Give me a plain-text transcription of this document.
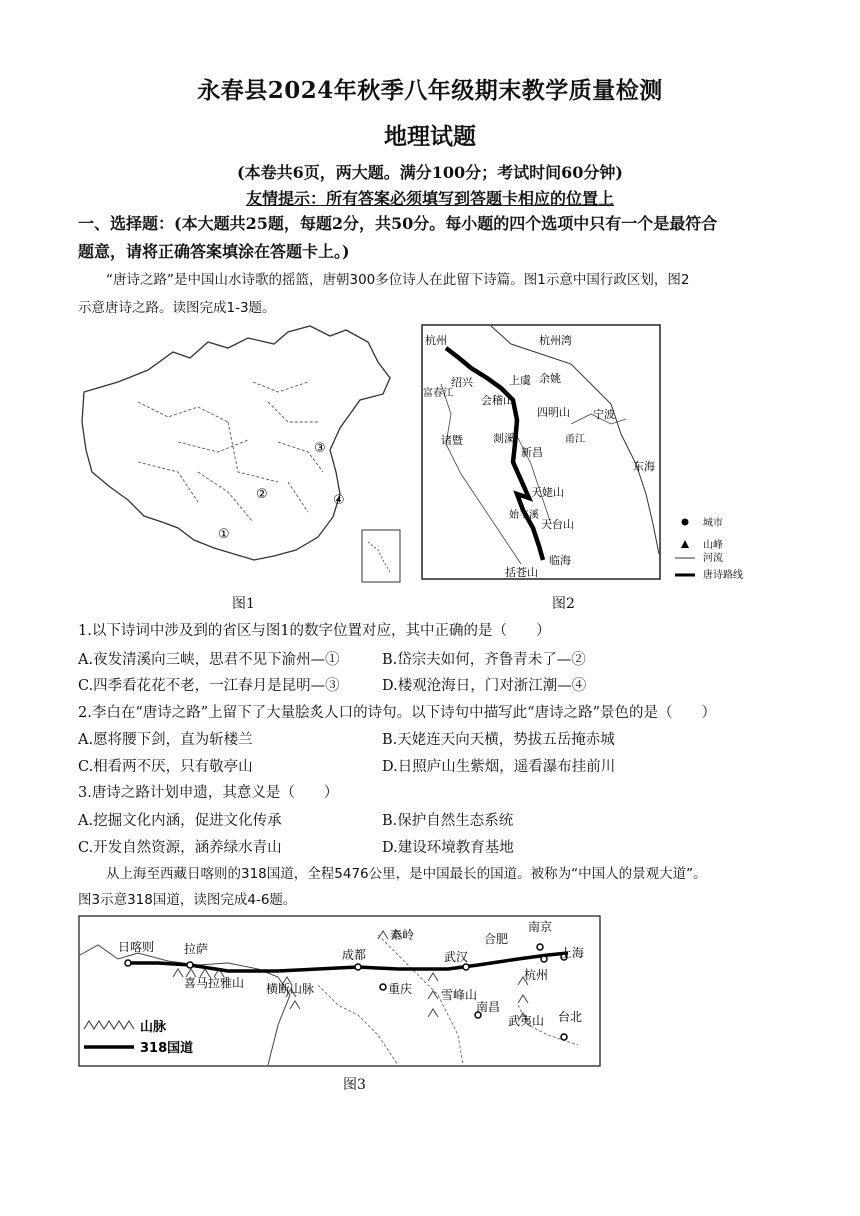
永春县2024年秋季八年级期末教学质量检测
地理试题
(本卷共6页，两大题。满分100分；考试时间60分钟)
友情提示：所有答案必须填写到答题卡相应的位置上
一、选择题：(本大题共25题，每题2分，共50分。每小题的四个选项中只有一个是最符合
题意，请将正确答案填涂在答题卡上。)
“唐诗之路”是中国山水诗歌的摇篮，唐朝300多位诗人在此留下诗篇。图1示意中国行政区划，图2
示意唐诗之路。读图完成1-3题。
①
②
③
④
图1
杭州	杭州湾
富春江
绍兴	上虞 余姚
会稽山
四明山 宁波
甬江
诸暨	剡溪
新昌
东海
天姥山
始丰溪
天台山
临海
括苍山
城市
山峰
河流
唐诗路线
图2
1.以下诗词中涉及到的省区与图1的数字位置对应，其中正确的是（　　）
A.夜发清溪向三峡，思君不见下渝州—①	B.岱宗夫如何，齐鲁青未了—②
C.四季看花花不老，一江春月是昆明—③	D.楼观沧海日，门对浙江潮—④
2.李白在“唐诗之路”上留下了大量脍炙人口的诗句。以下诗句中描写此“唐诗之路”景色的是（　　）
A.愿将腰下剑，直为斩楼兰	B.天姥连天向天横，势拔五岳掩赤城
C.相看两不厌，只有敬亭山	D.日照庐山生紫烟，遥看瀑布挂前川
3.唐诗之路计划申遗，其意义是（　　）
A.挖掘文化内涵，促进文化传承	B.保护自然生态系统
C.开发自然资源，涵养绿水青山	D.建设环境教育基地
从上海至西藏日喀则的318国道，全程5476公里，是中国最长的国道。被称为“中国人的景观大道”。
图3示意318国道，读图完成4-6题。
日喀则 拉萨
喜马拉雅山 横断山脉
成都
秦岭
重庆
武汉
合肥
南京
上海
杭州
南昌
雪峰山
武夷山 台北
山脉
318国道
图3
